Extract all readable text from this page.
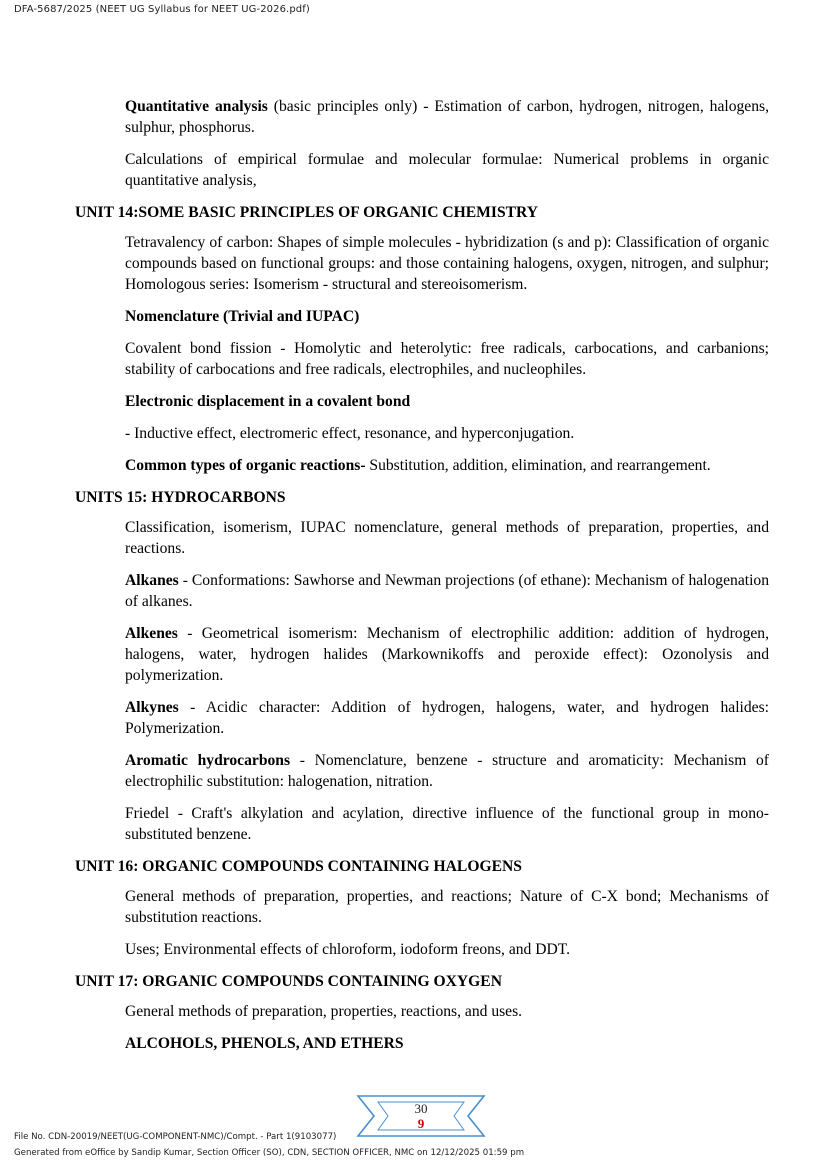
DFA-5687/2025 (NEET UG Syllabus for NEET UG-2026.pdf)

Quantitative analysis (basic principles only) - Estimation of carbon, hydrogen, nitrogen, halogens, sulphur, phosphorus.

Calculations of empirical formulae and molecular formulae: Numerical problems in organic quantitative analysis,

UNIT 14:SOME BASIC PRINCIPLES OF ORGANIC CHEMISTRY

Tetravalency of carbon: Shapes of simple molecules - hybridization (s and p): Classification of organic compounds based on functional groups: and those containing halogens, oxygen, nitrogen, and sulphur; Homologous series: Isomerism - structural and stereoisomerism.

Nomenclature (Trivial and IUPAC)

Covalent bond fission - Homolytic and heterolytic: free radicals, carbocations, and carbanions; stability of carbocations and free radicals, electrophiles, and nucleophiles.

Electronic displacement in a covalent bond

- Inductive effect, electromeric effect, resonance, and hyperconjugation.

Common types of organic reactions- Substitution, addition, elimination, and rearrangement.

UNITS 15: HYDROCARBONS

Classification, isomerism, IUPAC nomenclature, general methods of preparation, properties, and reactions.

Alkanes - Conformations: Sawhorse and Newman projections (of ethane): Mechanism of halogenation of alkanes.

Alkenes - Geometrical isomerism: Mechanism of electrophilic addition: addition of hydrogen, halogens, water, hydrogen halides (Markownikoffs and peroxide effect): Ozonolysis and polymerization.

Alkynes - Acidic character: Addition of hydrogen, halogens, water, and hydrogen halides: Polymerization.

Aromatic hydrocarbons - Nomenclature, benzene - structure and aromaticity: Mechanism of electrophilic substitution: halogenation, nitration.

Friedel - Craft's alkylation and acylation, directive influence of the functional group in mono-substituted benzene.

UNIT 16: ORGANIC COMPOUNDS CONTAINING HALOGENS

General methods of preparation, properties, and reactions; Nature of C-X bond; Mechanisms of substitution reactions.

Uses; Environmental effects of chloroform, iodoform freons, and DDT.

UNIT 17: ORGANIC COMPOUNDS CONTAINING OXYGEN

General methods of preparation, properties, reactions, and uses.

ALCOHOLS, PHENOLS, AND ETHERS

30
9
File No. CDN-20019/NEET(UG-COMPONENT-NMC)/Compt. - Part 1(9103077)
Generated from eOffice by Sandip Kumar, Section Officer (SO), CDN, SECTION OFFICER, NMC on 12/12/2025 01:59 pm
